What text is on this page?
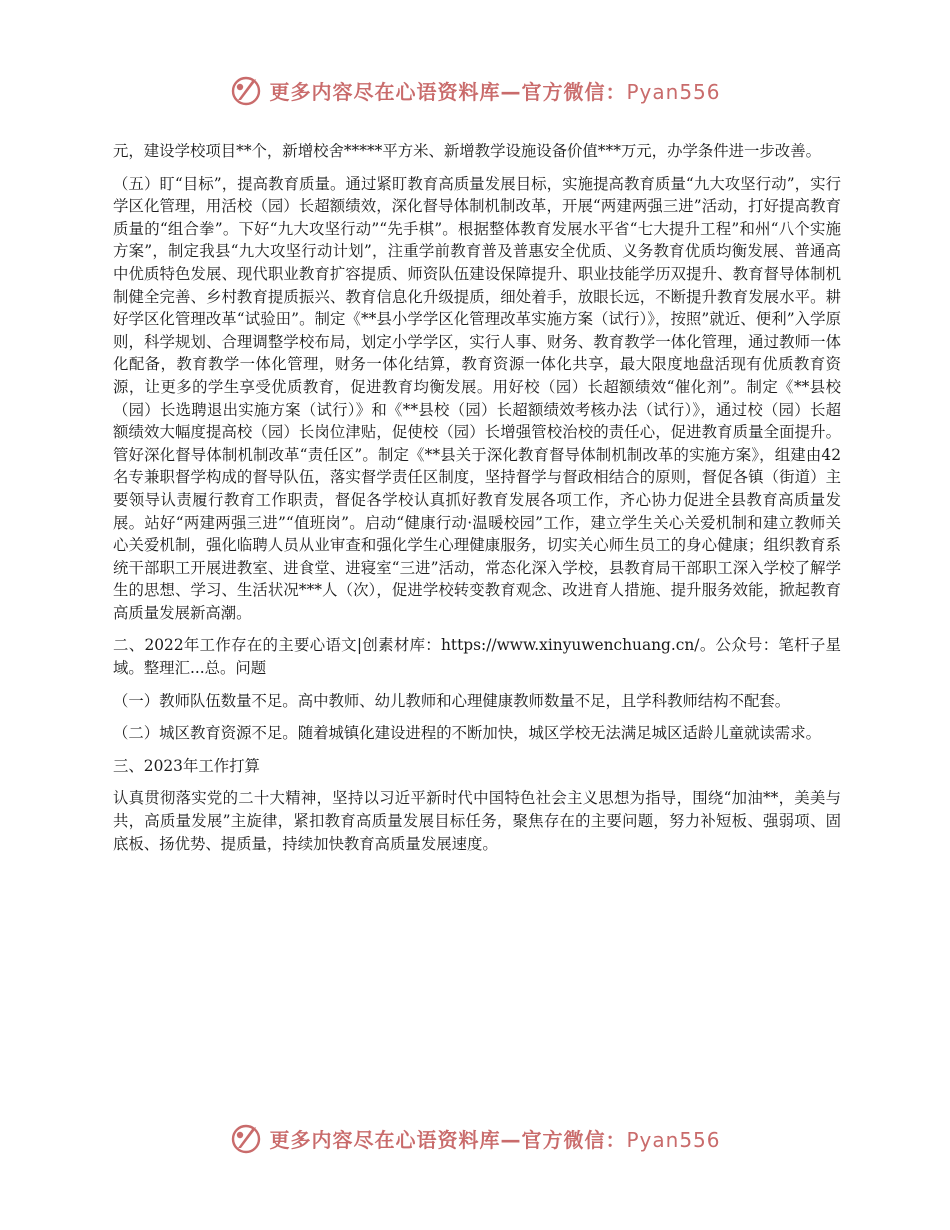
更多内容尽在心语资料库—官方微信：Pyan556

元，建设学校项目**个，新增校舍*****平方米、新增教学设施设备价值***万元，办学条件进一步改善。

（五）盯“目标”，提高教育质量。通过紧盯教育高质量发展目标，实施提高教育质量“九大攻坚行动”，实行学区化管理，用活校（园）长超额绩效，深化督导体制机制改革，开展“两建两强三进”活动，打好提高教育质量的“组合拳”。下好“九大攻坚行动”“先手棋”。根据整体教育发展水平省“七大提升工程”和州“八个实施方案”，制定我县“九大攻坚行动计划”，注重学前教育普及普惠安全优质、义务教育优质均衡发展、普通高中优质特色发展、现代职业教育扩容提质、师资队伍建设保障提升、职业技能学历双提升、教育督导体制机制健全完善、乡村教育提质振兴、教育信息化升级提质，细处着手，放眼长远，不断提升教育发展水平。耕好学区化管理改革“试验田”。制定《**县小学学区化管理改革实施方案（试行）》，按照”就近、便利”入学原则，科学规划、合理调整学校布局，划定小学学区，实行人事、财务、教育教学一体化管理，通过教师一体化配备，教育教学一体化管理，财务一体化结算，教育资源一体化共享，最大限度地盘活现有优质教育资源，让更多的学生享受优质教育，促进教育均衡发展。用好校（园）长超额绩效“催化剂”。制定《**县校（园）长选聘退出实施方案（试行）》和《**县校（园）长超额绩效考核办法（试行）》，通过校（园）长超额绩效大幅度提高校（园）长岗位津贴，促使校（园）长增强管校治校的责任心，促进教育质量全面提升。管好深化督导体制机制改革“责任区”。制定《**县关于深化教育督导体制机制改革的实施方案》，组建由42名专兼职督学构成的督导队伍，落实督学责任区制度，坚持督学与督政相结合的原则，督促各镇（街道）主要领导认责履行教育工作职责，督促各学校认真抓好教育发展各项工作，齐心协力促进全县教育高质量发展。站好“两建两强三进”“值班岗”。启动“健康行动·温暖校园”工作，建立学生关心关爱机制和建立教师关心关爱机制，强化临聘人员从业审查和强化学生心理健康服务，切实关心师生员工的身心健康；组织教育系统干部职工开展进教室、进食堂、进寝室“三进”活动，常态化深入学校，县教育局干部职工深入学校了解学生的思想、学习、生活状况***人（次），促进学校转变教育观念、改进育人措施、提升服务效能，掀起教育高质量发展新高潮。

二、2022年工作存在的主要心语文|创素材库：https://www.xinyuwenchuang.cn/。公众号：笔杆子星域。整理汇...总。问题

（一）教师队伍数量不足。高中教师、幼儿教师和心理健康教师数量不足，且学科教师结构不配套。

（二）城区教育资源不足。随着城镇化建设进程的不断加快，城区学校无法满足城区适龄儿童就读需求。

三、2023年工作打算

认真贯彻落实党的二十大精神，坚持以习近平新时代中国特色社会主义思想为指导，围绕“加油**，美美与共，高质量发展”主旋律，紧扣教育高质量发展目标任务，聚焦存在的主要问题，努力补短板、强弱项、固底板、扬优势、提质量，持续加快教育高质量发展速度。

更多内容尽在心语资料库—官方微信：Pyan556
